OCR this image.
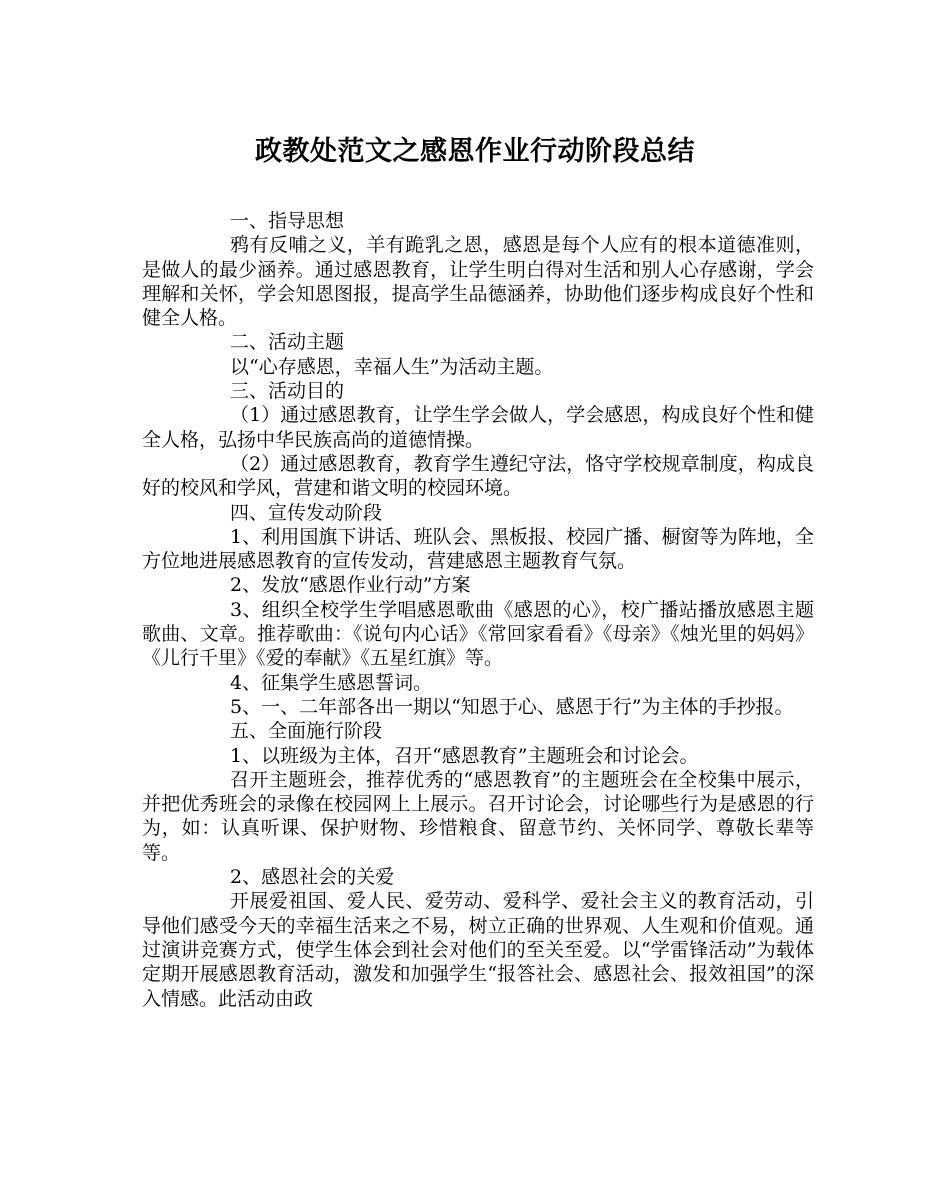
政教处范文之感恩作业行动阶段总结

一、指导思想

鸦有反哺之义，羊有跪乳之恩，感恩是每个人应有的根本道德准则，是做人的最少涵养。通过感恩教育，让学生明白得对生活和别人心存感谢，学会理解和关怀，学会知恩图报，提高学生品德涵养，协助他们逐步构成良好个性和健全人格。

二、活动主题

以“心存感恩，幸福人生”为活动主题。

三、活动目的

（1）通过感恩教育，让学生学会做人，学会感恩，构成良好个性和健全人格，弘扬中华民族高尚的道德情操。

（2）通过感恩教育，教育学生遵纪守法，恪守学校规章制度，构成良好的校风和学风，营建和谐文明的校园环境。

四、宣传发动阶段

1、利用国旗下讲话、班队会、黑板报、校园广播、橱窗等为阵地，全方位地进展感恩教育的宣传发动，营建感恩主题教育气氛。

2、发放“感恩作业行动”方案

3、组织全校学生学唱感恩歌曲《感恩的心》，校广播站播放感恩主题歌曲、文章。推荐歌曲：《说句内心话》《常回家看看》《母亲》《烛光里的妈妈》《儿行千里》《爱的奉献》《五星红旗》等。

4、征集学生感恩誓词。

5、一、二年部各出一期以“知恩于心、感恩于行”为主体的手抄报。

五、全面施行阶段

1、以班级为主体，召开“感恩教育”主题班会和讨论会。

召开主题班会，推荐优秀的“感恩教育”的主题班会在全校集中展示，并把优秀班会的录像在校园网上上展示。召开讨论会，讨论哪些行为是感恩的行为，如：认真听课、保护财物、珍惜粮食、留意节约、关怀同学、尊敬长辈等等。

2、感恩社会的关爱

开展爱祖国、爱人民、爱劳动、爱科学、爱社会主义的教育活动，引导他们感受今天的幸福生活来之不易，树立正确的世界观、人生观和价值观。通过演讲竞赛方式，使学生体会到社会对他们的至关至爱。以“学雷锋活动”为载体定期开展感恩教育活动，激发和加强学生“报答社会、感恩社会、报效祖国”的深入情感。此活动由政
